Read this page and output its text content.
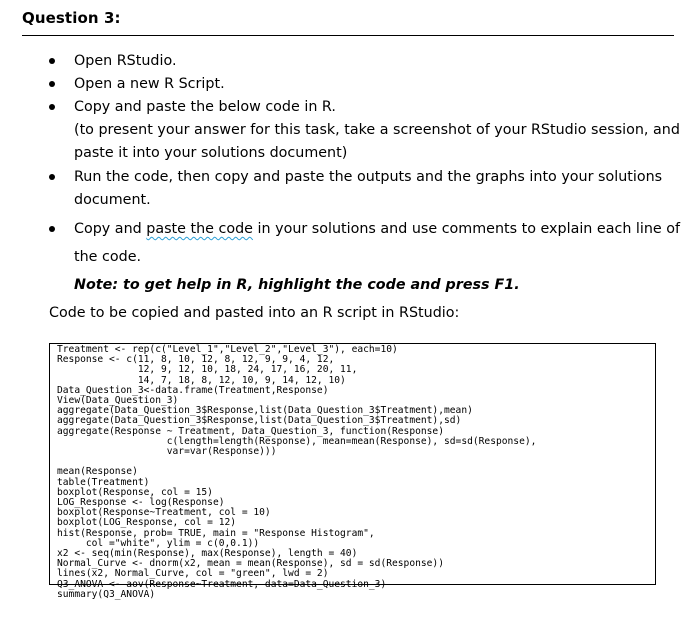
Question 3:
Open RStudio.
Open a new R Script.
Copy and paste the below code in R.
(to present your answer for this task, take a screenshot of your RStudio session, and
paste it into your solutions document)
Run the code, then copy and paste the outputs and the graphs into your solutions
document.
Copy and paste the code in your solutions and use comments to explain each line of
the code.
Note: to get help in R, highlight the code and press F1.
Code to be copied and pasted into an R script in RStudio:
Treatment <- rep(c("Level_1","Level_2","Level_3"), each=10)
Response <- c(11, 8, 10, 12, 8, 12, 9, 9, 4, 12,
12, 9, 12, 10, 18, 24, 17, 16, 20, 11,
14, 7, 18, 8, 12, 10, 9, 14, 12, 10)
Data_Question_3<-data.frame(Treatment,Response)
View(Data_Question_3)
aggregate(Data_Question_3$Response,list(Data_Question_3$Treatment),mean)
aggregate(Data_Question_3$Response,list(Data_Question_3$Treatment),sd)
aggregate(Response ~ Treatment, Data_Question_3, function(Response)
c(length=length(Response), mean=mean(Response), sd=sd(Response),
var=var(Response)))
mean(Response)
table(Treatment)
boxplot(Response, col = 15)
LOG_Response <- log(Response)
boxplot(Response~Treatment, col = 10)
boxplot(LOG_Response, col = 12)
hist(Response, prob= TRUE, main = "Response Histogram",
col ="white", ylim = c(0,0.1))
x2 <- seq(min(Response), max(Response), length = 40)
Normal_Curve <- dnorm(x2, mean = mean(Response), sd = sd(Response))
lines(x2, Normal_Curve, col = "green", lwd = 2)
Q3_ANOVA <- aov(Response~Treatment, data=Data_Question_3)
summary(Q3_ANOVA)
